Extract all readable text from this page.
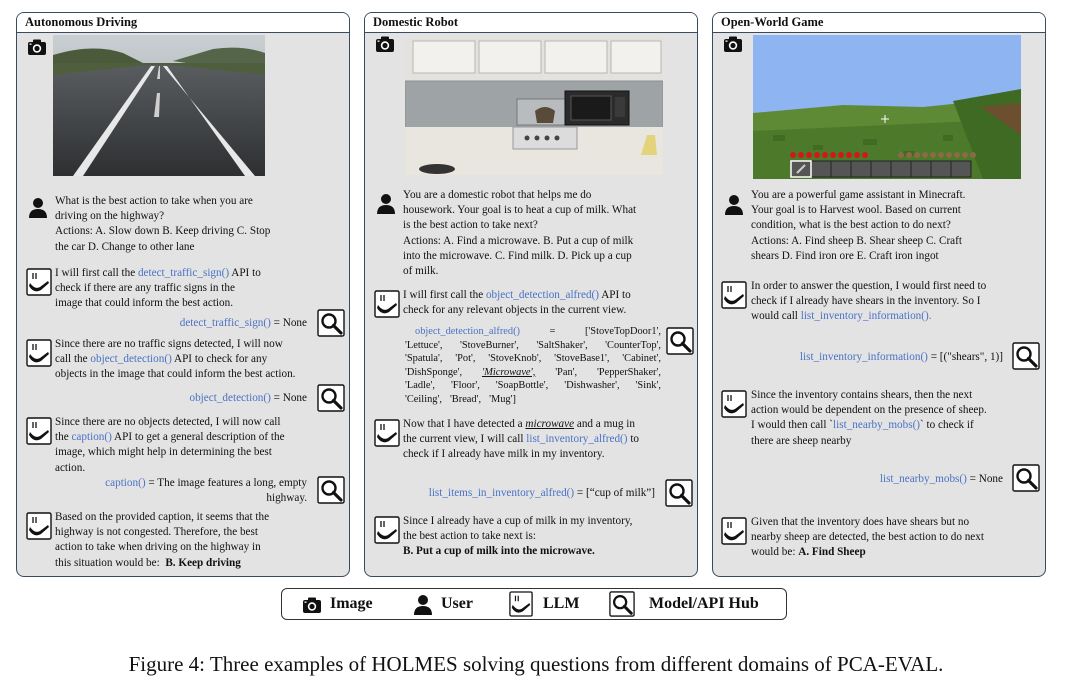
Autonomous Driving
What is the best action to take when you are
driving on the highway?
Actions: A. Slow down B. Keep driving C. Stop
the car D. Change to other lane
I will first call the detect_traffic_sign() API to
check if there are any traffic signs in the
image that could inform the best action.
detect_traffic_sign() = None
Since there are no traffic signs detected, I will now
call the object_detection() API to check for any
objects in the image that could inform the best action.
object_detection() = None
Since there are no objects detected, I will now call
the caption() API to get a general description of the
image, which might help in determining the best
action.
caption() = The image features a long, empty
highway.
Based on the provided caption, it seems that the
highway is not congested. Therefore, the best
action to take when driving on the highway in
this situation would be: B. Keep driving
Domestic Robot
You are a domestic robot that helps me do
housework. Your goal is to heat a cup of milk. What
is the best action to take next?
Actions: A. Find a microwave. B. Put a cup of milk
into the microwave. C. Find milk. D. Pick up a cup
of milk.
I will first call the object_detection_alfred() API to
check for any relevant objects in the current view.
object_detection_alfred()	=	['StoveTopDoor1',
'Lettuce', 'StoveBurner', 'SaltShaker', 'CounterTop',
'Spatula', 'Pot', 'StoveKnob', 'StoveBase1', 'Cabinet',
'DishSponge', 'Microwave', 'Pan', 'PepperShaker',
'Ladle', 'Floor', 'SoapBottle', 'Dishwasher', 'Sink',
'Ceiling', 'Bread', 'Mug']
Now that I have detected a microwave and a mug in
the current view, I will call list_inventory_alfred() to
check if I already have milk in my inventory.
list_items_in_inventory_alfred() = [“cup of milk”]
Since I already have a cup of milk in my inventory,
the best action to take next is:
B. Put a cup of milk into the microwave.
Open-World Game
You are a powerful game assistant in Minecraft.
Your goal is to Harvest wool. Based on current
condition, what is the best action to do next?
Actions: A. Find sheep B. Shear sheep C. Craft
shears D. Find iron ore E. Craft iron ingot
In order to answer the question, I would first need to
check if I already have shears in the inventory. So I
would call list_inventory_information().
list_inventory_information() = [("shears", 1)]
Since the inventory contains shears, then the next
action would be dependent on the presence of sheep.
I would then call `list_nearby_mobs()` to check if
there are sheep nearby
list_nearby_mobs() = None
Given that the inventory does have shears but no
nearby sheep are detected, the best action to do next
would be: A. Find Sheep
Image	User	LLM	Model/API Hub
Figure 4: Three examples of HOLMES solving questions from different domains of PCA-EVAL.
